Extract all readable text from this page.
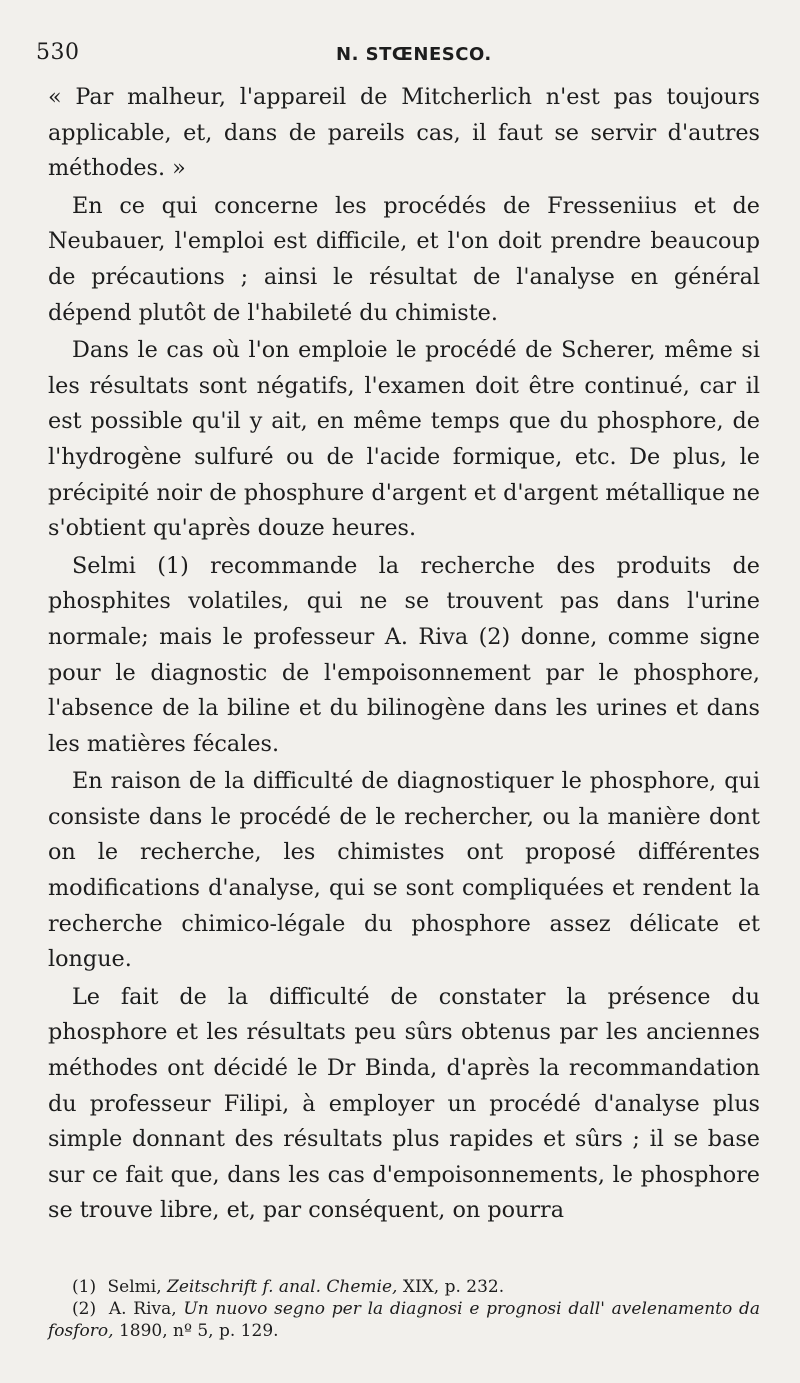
530	N. STŒNESCO.

« Par malheur, l'appareil de Mitcherlich n'est pas toujours applicable, et, dans de pareils cas, il faut se servir d'autres méthodes. »

En ce qui concerne les procédés de Fresseniius et de Neubauer, l'emploi est difficile, et l'on doit prendre beaucoup de précautions ; ainsi le résultat de l'analyse en général dépend plutôt de l'habileté du chimiste.

Dans le cas où l'on emploie le procédé de Scherer, même si les résultats sont négatifs, l'examen doit être continué, car il est possible qu'il y ait, en même temps que du phosphore, de l'hydrogène sulfuré ou de l'acide formique, etc. De plus, le précipité noir de phosphure d'argent et d'argent métallique ne s'obtient qu'après douze heures.

Selmi (1) recommande la recherche des produits de phosphites volatiles, qui ne se trouvent pas dans l'urine normale; mais le professeur A. Riva (2) donne, comme signe pour le diagnostic de l'empoisonnement par le phosphore, l'absence de la biline et du bilinogène dans les urines et dans les matières fécales.

En raison de la difficulté de diagnostiquer le phosphore, qui consiste dans le procédé de le rechercher, ou la manière dont on le recherche, les chimistes ont proposé différentes modifications d'analyse, qui se sont compliquées et rendent la recherche chimico-légale du phosphore assez délicate et longue.

Le fait de la difficulté de constater la présence du phosphore et les résultats peu sûrs obtenus par les anciennes méthodes ont décidé le Dr Binda, d'après la recommandation du professeur Filipi, à employer un procédé d'analyse plus simple donnant des résultats plus rapides et sûrs ; il se base sur ce fait que, dans les cas d'empoisonnements, le phosphore se trouve libre, et, par conséquent, on pourra

(1) Selmi, Zeitschrift f. anal. Chemie, XIX, p. 232.

(2) A. Riva, Un nuovo segno per la diagnosi e prognosi dall' avelenamento da fosforo, 1890, nº 5, p. 129.
